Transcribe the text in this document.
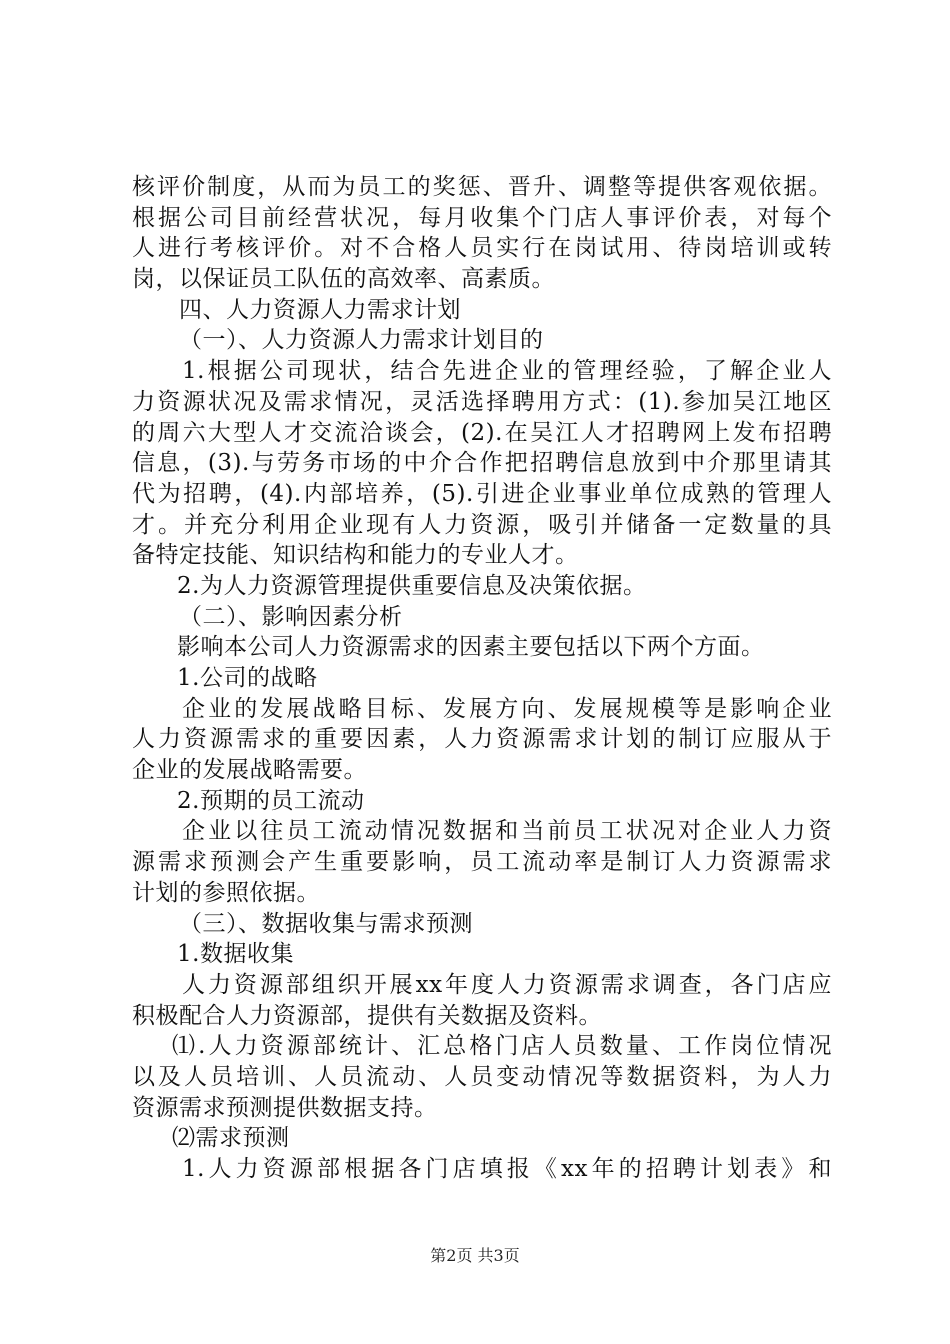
核评价制度，从而为员工的奖惩、晋升、调整等提供客观依据。
根据公司目前经营状况，每月收集个门店人事评价表，对每个
人进行考核评价。对不合格人员实行在岗试用、待岗培训或转
岗，以保证员工队伍的高效率、高素质。
四、人力资源人力需求计划
（一）、人力资源人力需求计划目的
1.根据公司现状，结合先进企业的管理经验，了解企业人
力资源状况及需求情况，灵活选择聘用方式：(1).参加吴江地区
的周六大型人才交流洽谈会，(2).在吴江人才招聘网上发布招聘
信息，(3).与劳务市场的中介合作把招聘信息放到中介那里请其
代为招聘，(4).内部培养，(5).引进企业事业单位成熟的管理人
才。并充分利用企业现有人力资源，吸引并储备一定数量的具
备特定技能、知识结构和能力的专业人才。
2.为人力资源管理提供重要信息及决策依据。
（二）、影响因素分析
影响本公司人力资源需求的因素主要包括以下两个方面。
1.公司的战略
企业的发展战略目标、发展方向、发展规模等是影响企业
人力资源需求的重要因素，人力资源需求计划的制订应服从于
企业的发展战略需要。
2.预期的员工流动
企业以往员工流动情况数据和当前员工状况对企业人力资
源需求预测会产生重要影响，员工流动率是制订人力资源需求
计划的参照依据。
（三）、数据收集与需求预测
1.数据收集
人力资源部组织开展xx年度人力资源需求调查，各门店应
积极配合人力资源部，提供有关数据及资料。
⑴.人力资源部统计、汇总格门店人员数量、工作岗位情况
以及人员培训、人员流动、人员变动情况等数据资料，为人力
资源需求预测提供数据支持。
⑵需求预测
1.人力资源部根据各门店填报《xx年的招聘计划表》和
第2页 共3页
